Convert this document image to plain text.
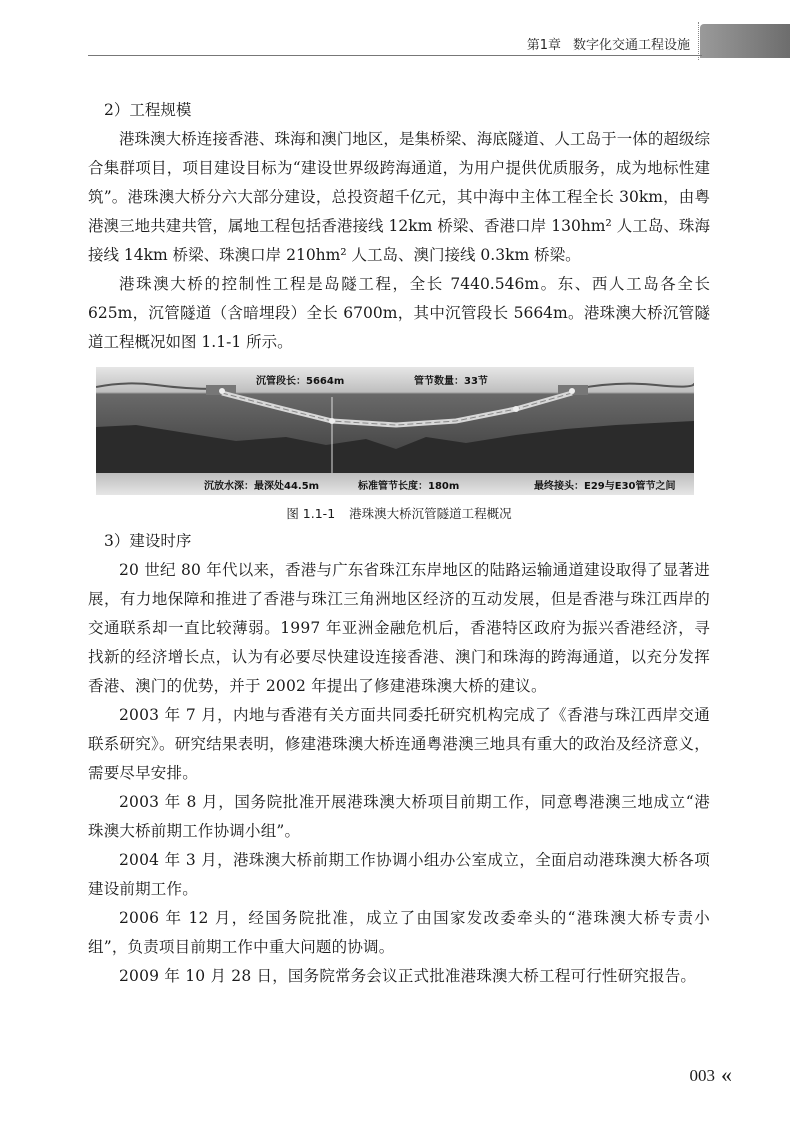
第1章 数字化交通工程设施

2）工程规模

港珠澳大桥连接香港、珠海和澳门地区，是集桥梁、海底隧道、人工岛于一体的超级综合集群项目，项目建设目标为“建设世界级跨海通道，为用户提供优质服务，成为地标性建筑”。港珠澳大桥分六大部分建设，总投资超千亿元，其中海中主体工程全长 30km，由粤港澳三地共建共管，属地工程包括香港接线 12km 桥梁、香港口岸 130hm² 人工岛、珠海接线 14km 桥梁、珠澳口岸 210hm² 人工岛、澳门接线 0.3km 桥梁。

港珠澳大桥的控制性工程是岛隧工程，全长 7440.546m。东、西人工岛各全长 625m，沉管隧道（含暗埋段）全长 6700m，其中沉管段长 5664m。港珠澳大桥沉管隧道工程概况如图 1.1-1 所示。

沉管段长：5664m	管节数量：33节
沉放水深：最深处44.5m	标准管节长度：180m	最终接头：E29与E30管节之间

图 1.1-1 港珠澳大桥沉管隧道工程概况

3）建设时序

20 世纪 80 年代以来，香港与广东省珠江东岸地区的陆路运输通道建设取得了显著进展，有力地保障和推进了香港与珠江三角洲地区经济的互动发展，但是香港与珠江西岸的交通联系却一直比较薄弱。1997 年亚洲金融危机后，香港特区政府为振兴香港经济，寻找新的经济增长点，认为有必要尽快建设连接香港、澳门和珠海的跨海通道，以充分发挥香港、澳门的优势，并于 2002 年提出了修建港珠澳大桥的建议。

2003 年 7 月，内地与香港有关方面共同委托研究机构完成了《香港与珠江西岸交通联系研究》。研究结果表明，修建港珠澳大桥连通粤港澳三地具有重大的政治及经济意义，需要尽早安排。

2003 年 8 月，国务院批准开展港珠澳大桥项目前期工作，同意粤港澳三地成立“港珠澳大桥前期工作协调小组”。

2004 年 3 月，港珠澳大桥前期工作协调小组办公室成立，全面启动港珠澳大桥各项建设前期工作。

2006 年 12 月，经国务院批准，成立了由国家发改委牵头的“港珠澳大桥专责小组”，负责项目前期工作中重大问题的协调。

2009 年 10 月 28 日，国务院常务会议正式批准港珠澳大桥工程可行性研究报告。

003 «
